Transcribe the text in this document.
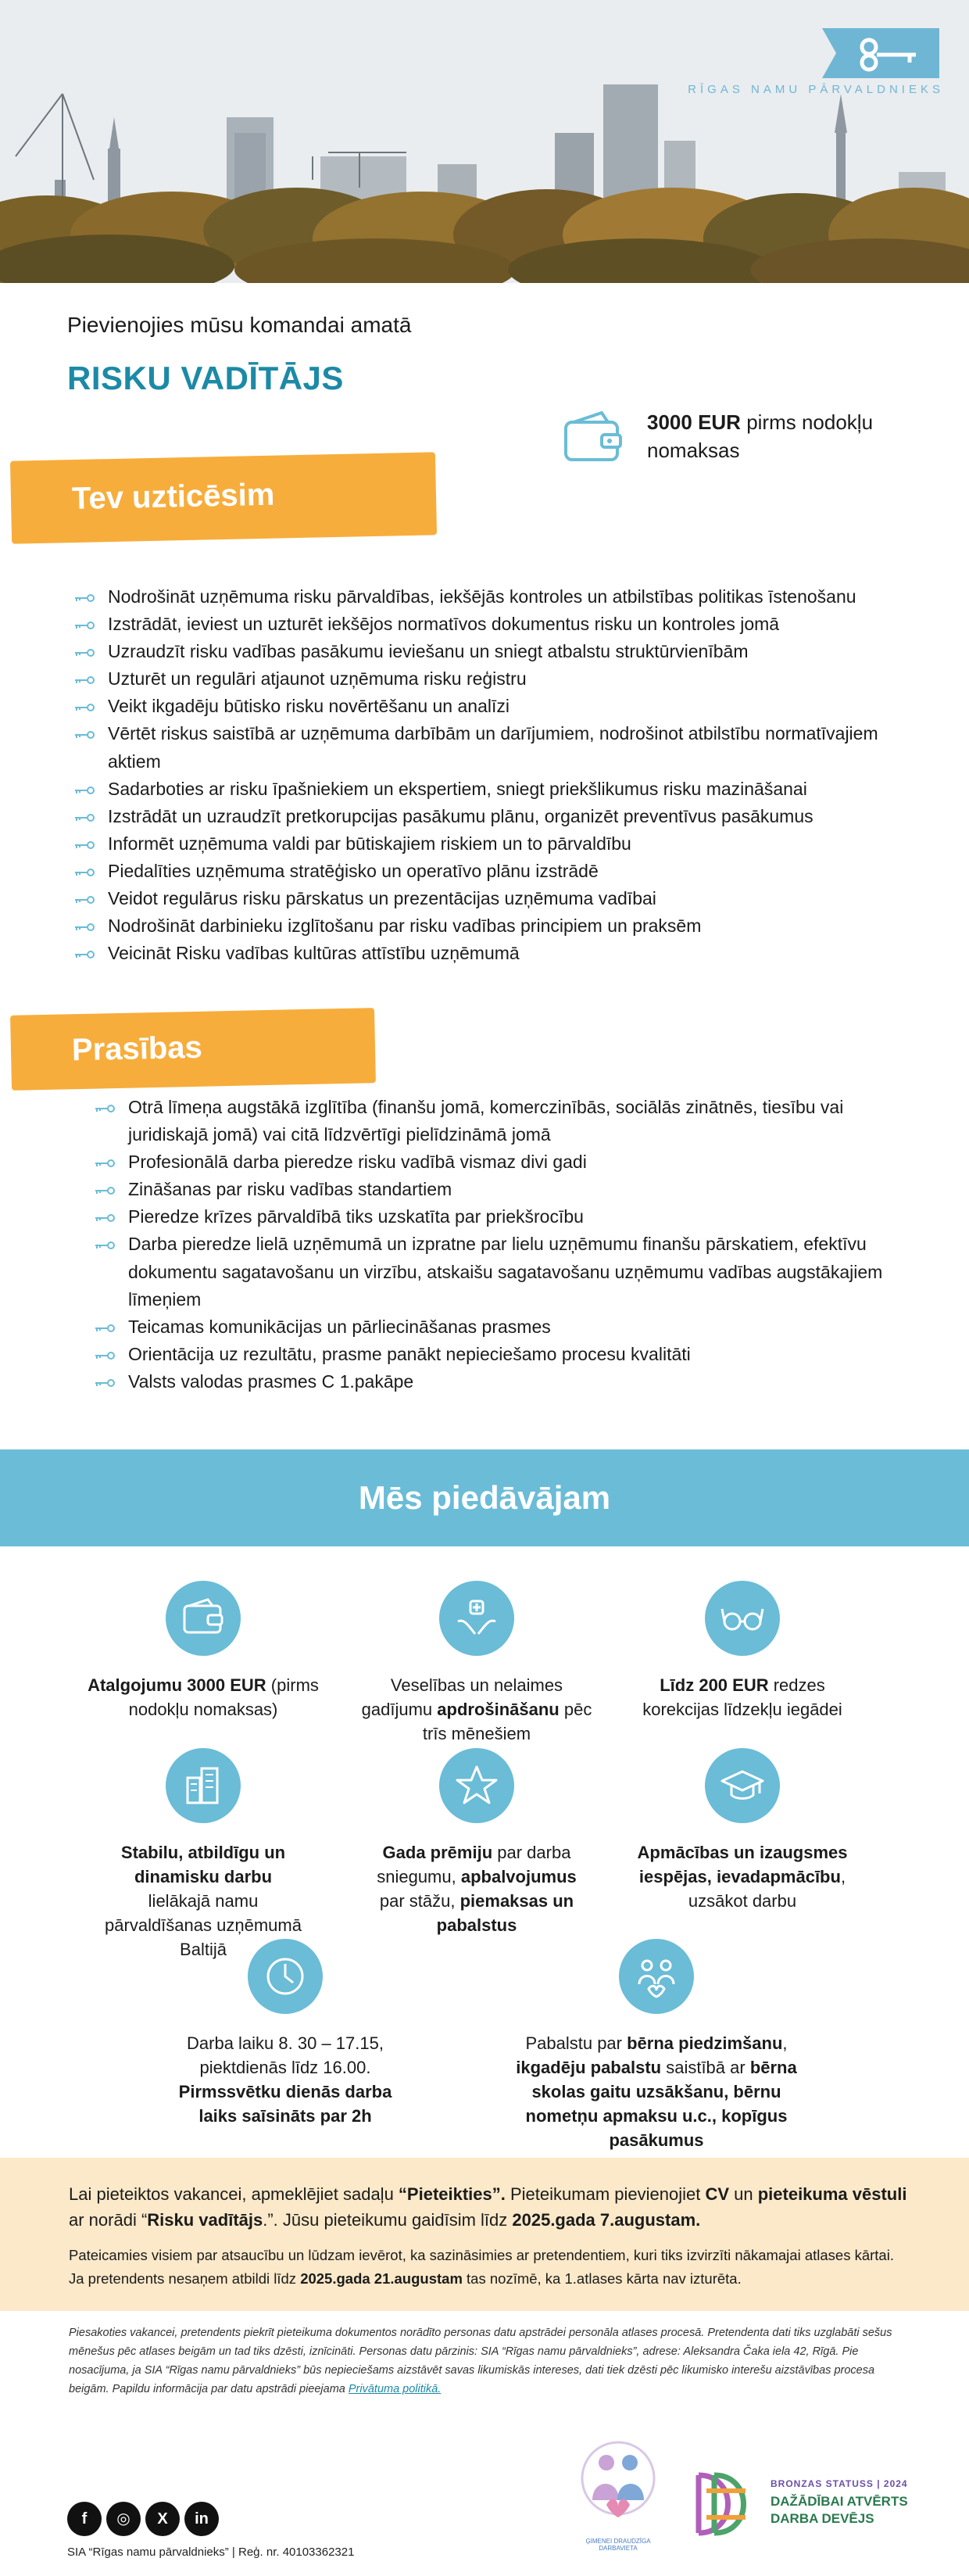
RĪGAS NAMU PĀRVALDNIEKS
Pievienojies mūsu komandai amatā
RISKU VADĪTĀJS
3000 EUR pirms nodokļu nomaksas
Tev uzticēsim
Nodrošināt uzņēmuma risku pārvaldības, iekšējās kontroles un atbilstības politikas īstenošanu
Izstrādāt, ieviest un uzturēt iekšējos normatīvos dokumentus risku un kontroles jomā
Uzraudzīt risku vadības pasākumu ieviešanu un sniegt atbalstu struktūrvienībām
Uzturēt un regulāri atjaunot uzņēmuma risku reģistru
Veikt ikgadēju būtisko risku novērtēšanu un analīzi
Vērtēt riskus saistībā ar uzņēmuma darbībām un darījumiem, nodrošinot atbilstību normatīvajiem aktiem
Sadarboties ar risku īpašniekiem un ekspertiem, sniegt priekšlikumus risku mazināšanai
Izstrādāt un uzraudzīt pretkorupcijas pasākumu plānu, organizēt preventīvus pasākumus
Informēt uzņēmuma valdi par būtiskajiem riskiem un to pārvaldību
Piedalīties uzņēmuma stratēģisko un operatīvo plānu izstrādē
Veidot regulārus risku pārskatus un prezentācijas uzņēmuma vadībai
Nodrošināt darbinieku izglītošanu par risku vadības principiem un praksēm
Veicināt Risku vadības kultūras attīstību uzņēmumā
Prasības
Otrā līmeņa augstākā izglītība (finanšu jomā, komerczinībās, sociālās zinātnēs, tiesību vai juridiskajā jomā) vai citā līdzvērtīgi pielīdzināmā jomā
Profesionālā darba pieredze risku vadībā vismaz divi gadi
Zināšanas par risku vadības standartiem
Pieredze krīzes pārvaldībā tiks uzskatīta par priekšrocību
Darba pieredze lielā uzņēmumā un izpratne par lielu uzņēmumu finanšu pārskatiem, efektīvu dokumentu sagatavošanu un virzību, atskaišu sagatavošanu uzņēmumu vadības augstākajiem līmeņiem
Teicamas komunikācijas un pārliecināšanas prasmes
Orientācija uz rezultātu, prasme panākt nepieciešamo procesu kvalitāti
Valsts valodas prasmes C 1.pakāpe
Mēs piedāvājam
Atalgojumu 3000 EUR (pirms nodokļu nomaksas)
Veselības un nelaimes gadījumu apdrošināšanu pēc trīs mēnešiem
Līdz 200 EUR redzes korekcijas līdzekļu iegādei
Stabilu, atbildīgu un dinamisku darbu lielākajā namu pārvaldīšanas uzņēmumā Baltijā
Gada prēmiju par darba sniegumu, apbalvojumus par stāžu, piemaksas un pabalstus
Apmācības un izaugsmes iespējas, ievadapmācību, uzsākot darbu
Darba laiku 8. 30 – 17.15, piektdienās līdz 16.00. Pirmssvētku dienās darba laiks saīsināts par 2h
Pabalstu par bērna piedzimšanu, ikgadēju pabalstu saistībā ar bērna skolas gaitu uzsākšanu, bērnu nometņu apmaksu u.c., kopīgus pasākumus
Lai pieteiktos vakancei, apmeklējiet sadaļu “Pieteikties”. Pieteikumam pievienojiet CV un pieteikuma vēstuli ar norādi “Risku vadītājs.”. Jūsu pieteikumu gaidīsim līdz 2025.gada 7.augustam.
Pateicamies visiem par atsaucību un lūdzam ievērot, ka sazināsimies ar pretendentiem, kuri tiks izvirzīti nākamajai atlases kārtai. Ja pretendents nesaņem atbildi līdz 2025.gada 21.augustam tas nozīmē, ka 1.atlases kārta nav izturēta.
Piesakoties vakancei, pretendents piekrīt pieteikuma dokumentos norādīto personas datu apstrādei personāla atlases procesā. Pretendenta dati tiks uzglabāti sešus mēnešus pēc atlases beigām un tad tiks dzēsti, iznīcināti. Personas datu pārzinis: SIA “Rīgas namu pārvaldnieks”, adrese: Aleksandra Čaka iela 42, Rīgā. Pie nosacījuma, ja SIA “Rīgas namu pārvaldnieks” būs nepieciešams aizstāvēt savas likumiskās intereses, dati tiek dzēsti pēc likumisko interešu aizstāvības procesa beigām. Papildu informācija par datu apstrādi pieejama Privātuma politikā.
f ◎ X in
SIA “Rīgas namu pārvaldnieks” | Reģ. nr. 40103362321
ĢIMENEI DRAUDZĪGA DARBAVIETA
BRONZAS STATUSS | 2024
DAŽĀDĪBAI ATVĒRTS
DARBA DEVĒJS
